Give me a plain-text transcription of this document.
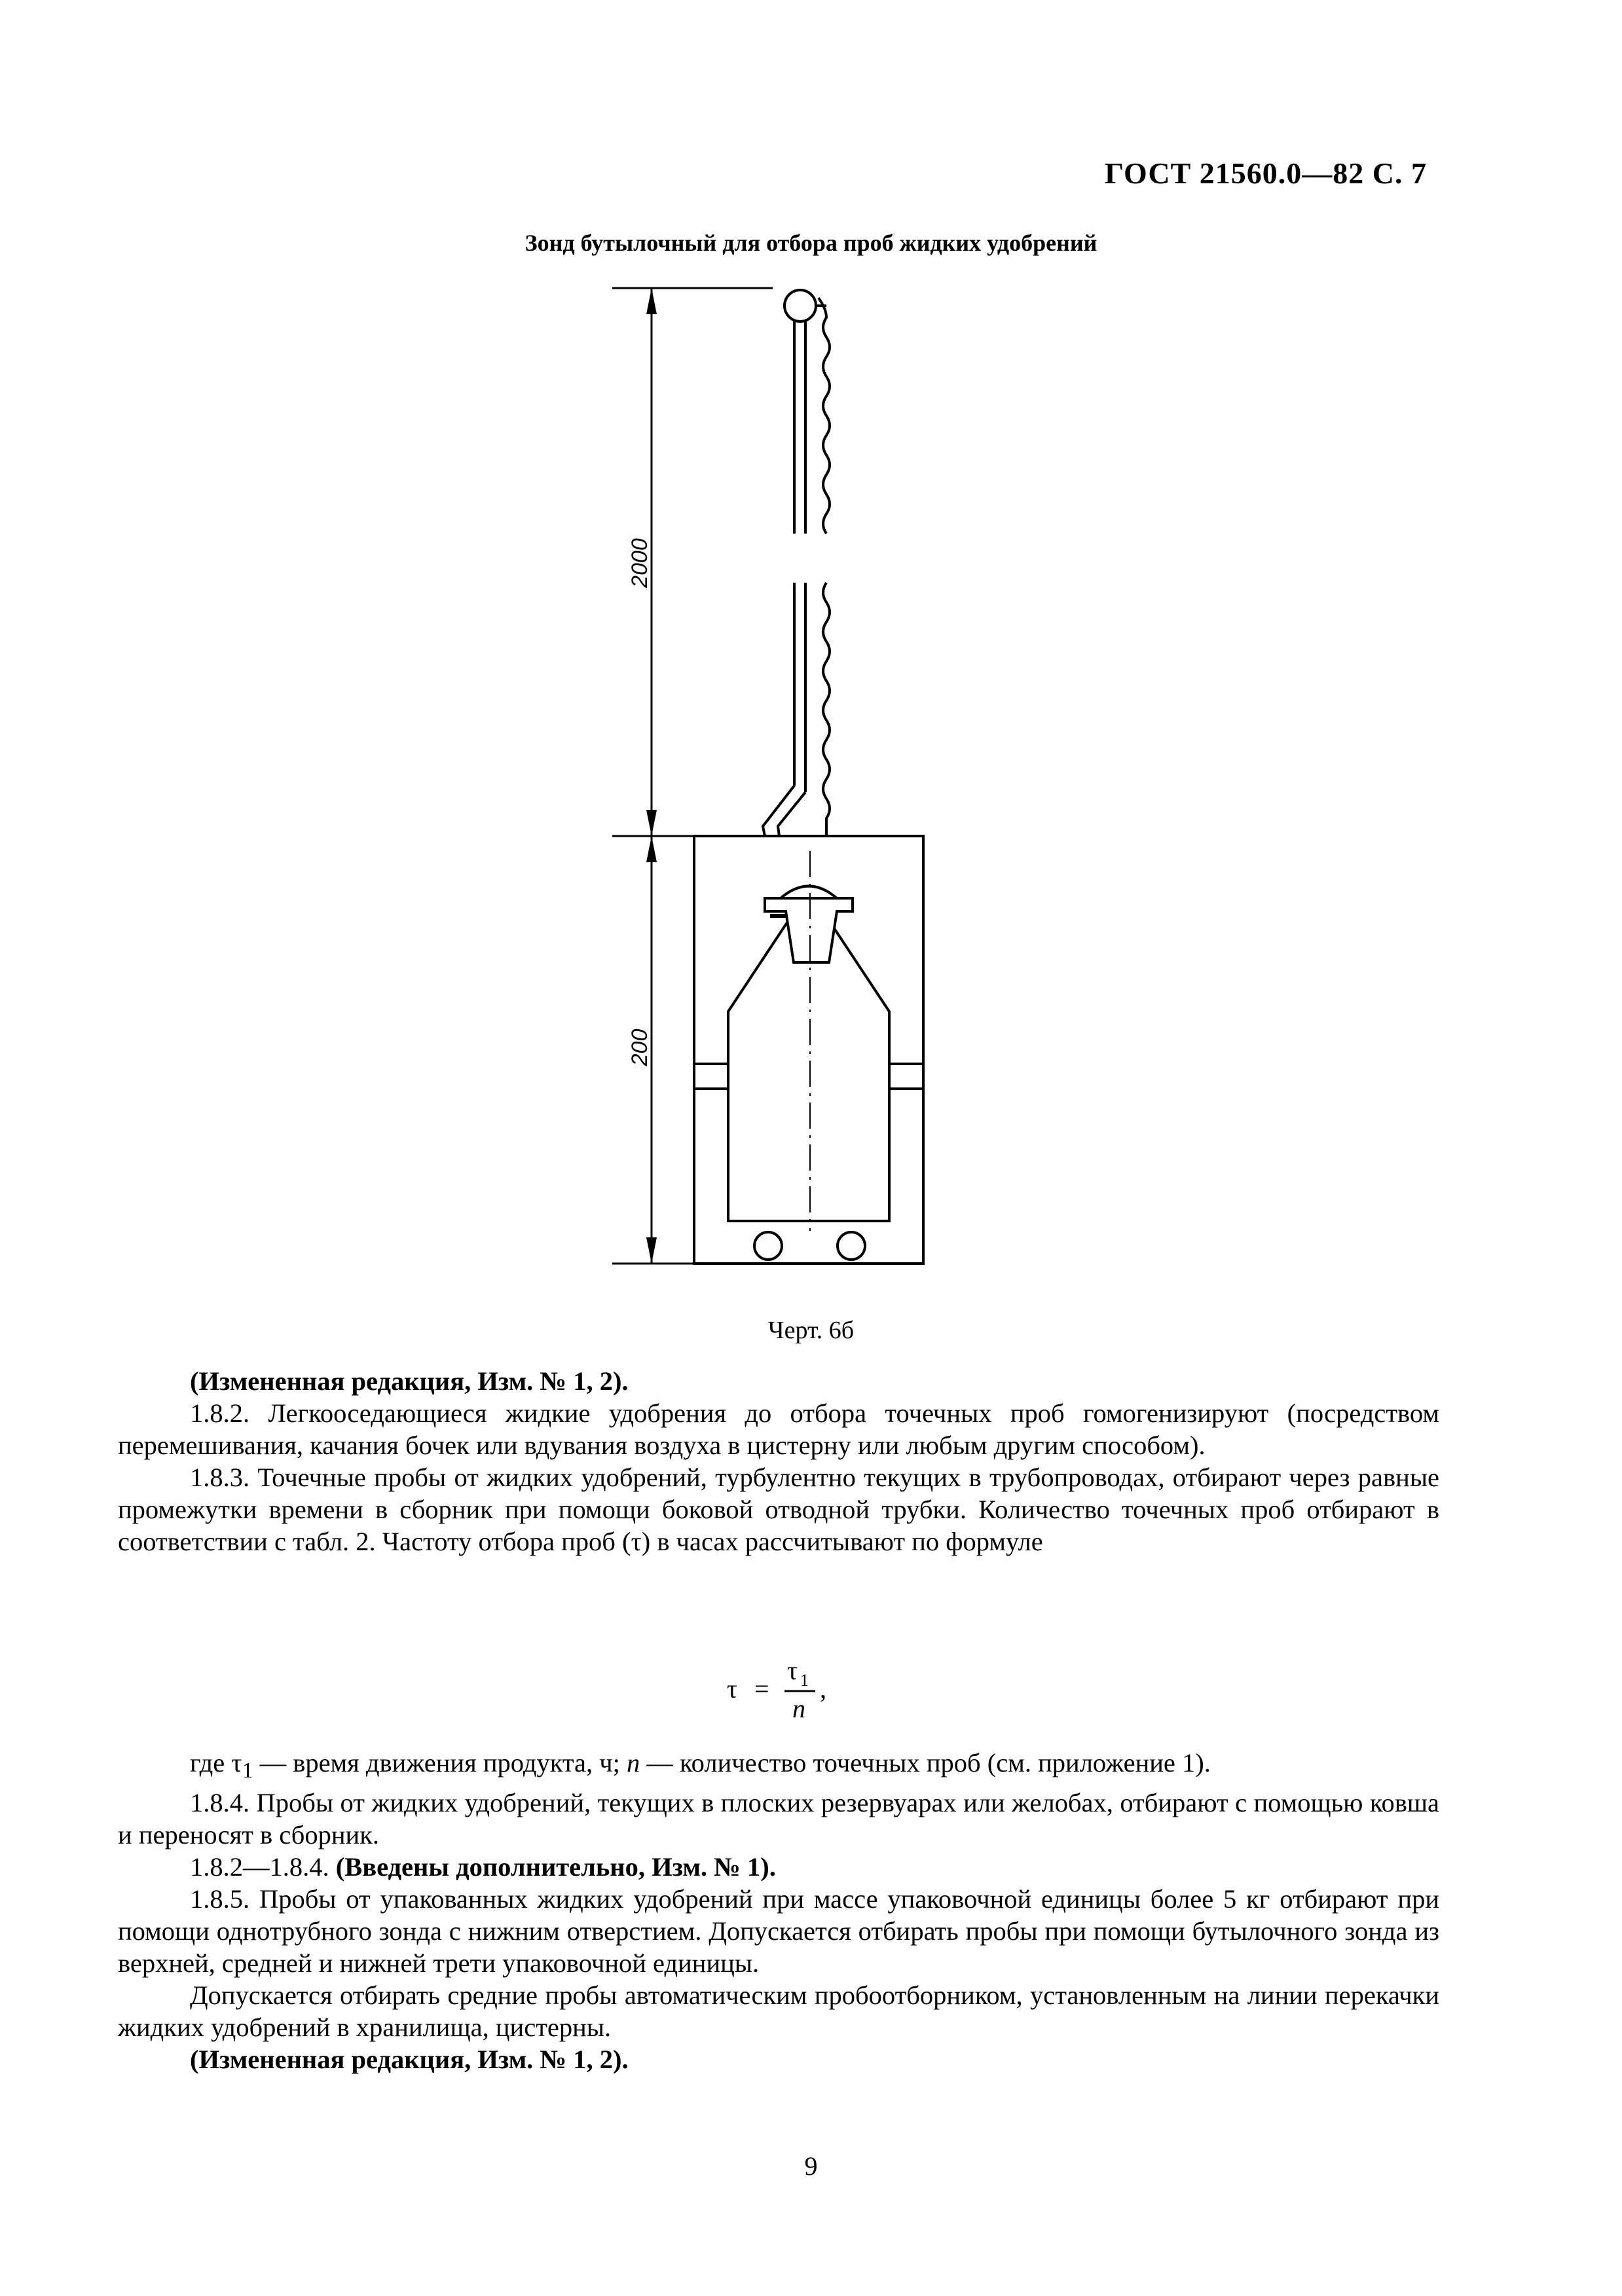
ГОСТ 21560.0—82 С. 7
Зонд бутылочный для отбора проб жидких удобрений
2000
200
Черт. 6б

(Измененная редакция, Изм. № 1, 2).

1.8.2. Легкооседающиеся жидкие удобрения до отбора точечных проб гомогенизируют (посредством перемешивания, качания бочек или вдувания воздуха в цистерну или любым другим способом).

1.8.3. Точечные пробы от жидких удобрений, турбулентно текущих в трубопроводах, отбирают через равные промежутки времени в сборник при помощи боковой отводной трубки. Количество точечных проб отбирают в соответствии с табл. 2. Частоту отбора проб (τ) в часах рассчитывают по формуле

τ =
τ 1
n
,

где $\tau_1$ — время движения продукта, ч; n — количество точечных проб (см. приложение 1).

1.8.4. Пробы от жидких удобрений, текущих в плоских резервуарах или желобах, отбирают с помощью ковша и переносят в сборник.

1.8.2—1.8.4. (Введены дополнительно, Изм. № 1).

1.8.5. Пробы от упакованных жидких удобрений при массе упаковочной единицы более 5 кг отбирают при помощи однотрубного зонда с нижним отверстием. Допускается отбирать пробы при помощи бутылочного зонда из верхней, средней и нижней трети упаковочной единицы.

Допускается отбирать средние пробы автоматическим пробоотборником, установленным на линии перекачки жидких удобрений в хранилища, цистерны.

(Измененная редакция, Изм. № 1, 2).

9
